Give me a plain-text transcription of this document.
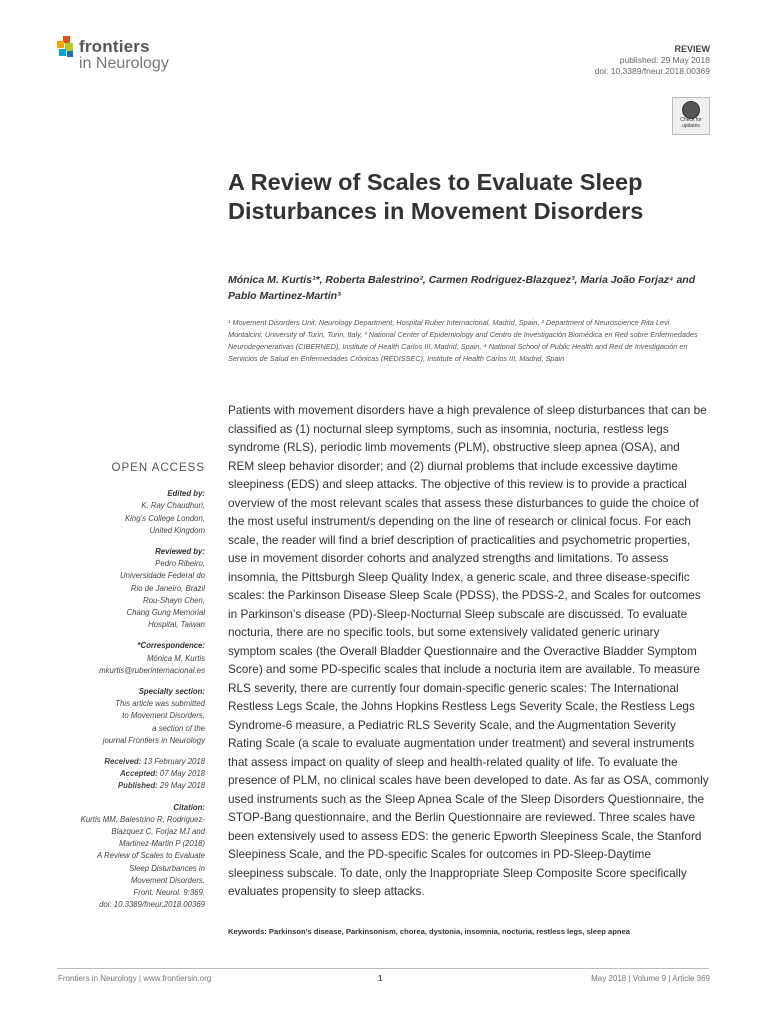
frontiers
in Neurology
REVIEW
published: 29 May 2018
doi: 10.3389/fneur.2018.00369
Check for updates
A Review of Scales to Evaluate Sleep Disturbances in Movement Disorders
Mónica M. Kurtis¹*, Roberta Balestrino², Carmen Rodriguez-Blazquez³, Maria João Forjaz⁴ and Pablo Martinez-Martin³
¹ Movement Disorders Unit, Neurology Department, Hospital Ruber Internacional, Madrid, Spain, ² Department of Neuroscience Rita Levi Montalcini, University of Turin, Turin, Italy, ³ National Center of Epidemiology and Centro de Investigación Biomédica en Red sobre Enfermedades Neurodegenerativas (CIBERNED), Institute of Health Carlos III, Madrid, Spain, ⁴ National School of Public Health and Red de Investigación en Servicios de Salud en Enfermedades Crónicas (REDISSEC), Institute of Health Carlos III, Madrid, Spain
OPEN ACCESS
Edited by:
K. Ray Chaudhuri,
King’s College London,
United Kingdom
Reviewed by:
Pedro Ribeiro,
Universidade Federal do
Rio de Janeiro, Brazil
Rou-Shayn Chen,
Chang Gung Memorial
Hospital, Taiwan
*Correspondence:
Mónica M. Kurtis
mkurtis@ruberinternacional.es
Specialty section:
This article was submitted
to Movement Disorders,
a section of the
journal Frontiers in Neurology
Received: 13 February 2018
Accepted: 07 May 2018
Published: 29 May 2018
Citation:
Kurtis MM, Balestrino R, Rodriguez-
Blazquez C, Forjaz MJ and
Martinez-Martin P (2018)
A Review of Scales to Evaluate
Sleep Disturbances in
Movement Disorders.
Front. Neurol. 9:369.
doi: 10.3389/fneur.2018.00369
Patients with movement disorders have a high prevalence of sleep disturbances that can be classified as (1) nocturnal sleep symptoms, such as insomnia, nocturia, restless legs syndrome (RLS), periodic limb movements (PLM), obstructive sleep apnea (OSA), and REM sleep behavior disorder; and (2) diurnal problems that include excessive daytime sleepiness (EDS) and sleep attacks. The objective of this review is to provide a practical overview of the most relevant scales that assess these disturbances to guide the choice of the most useful instrument/s depending on the line of research or clinical focus. For each scale, the reader will find a brief description of practicalities and psychometric properties, use in movement disorder cohorts and analyzed strengths and limitations. To assess insomnia, the Pittsburgh Sleep Quality Index, a generic scale, and three disease-specific scales: the Parkinson Disease Sleep Scale (PDSS), the PDSS-2, and Scales for outcomes in Parkinson’s disease (PD)-Sleep-Nocturnal Sleep subscale are discussed. To evaluate nocturia, there are no specific tools, but some extensively validated generic urinary symptom scales (the Overall Bladder Questionnaire and the Overactive Bladder Symptom Score) and some PD-specific scales that include a nocturia item are available. To measure RLS severity, there are currently four domain-specific generic scales: The International Restless Legs Scale, the Johns Hopkins Restless Legs Severity Scale, the Restless Legs Syndrome-6 measure, a Pediatric RLS Severity Scale, and the Augmentation Severity Rating Scale (a scale to evaluate augmentation under treatment) and several instruments that assess impact on quality of sleep and health-related quality of life. To evaluate the presence of PLM, no clinical scales have been developed to date. As far as OSA, commonly used instruments such as the Sleep Apnea Scale of the Sleep Disorders Questionnaire, the STOP-Bang questionnaire, and the Berlin Questionnaire are reviewed. Three scales have been extensively used to assess EDS: the generic Epworth Sleepiness Scale, the Stanford Sleepiness Scale, and the PD-specific Scales for outcomes in PD-Sleep-Daytime sleepiness subscale. To date, only the Inappropriate Sleep Composite Score specifically evaluates propensity to sleep attacks.
Keywords: Parkinson’s disease, Parkinsonism, chorea, dystonia, insomnia, nocturia, restless legs, sleep apnea
Frontiers in Neurology | www.frontiersin.org	1	May 2018 | Volume 9 | Article 369
